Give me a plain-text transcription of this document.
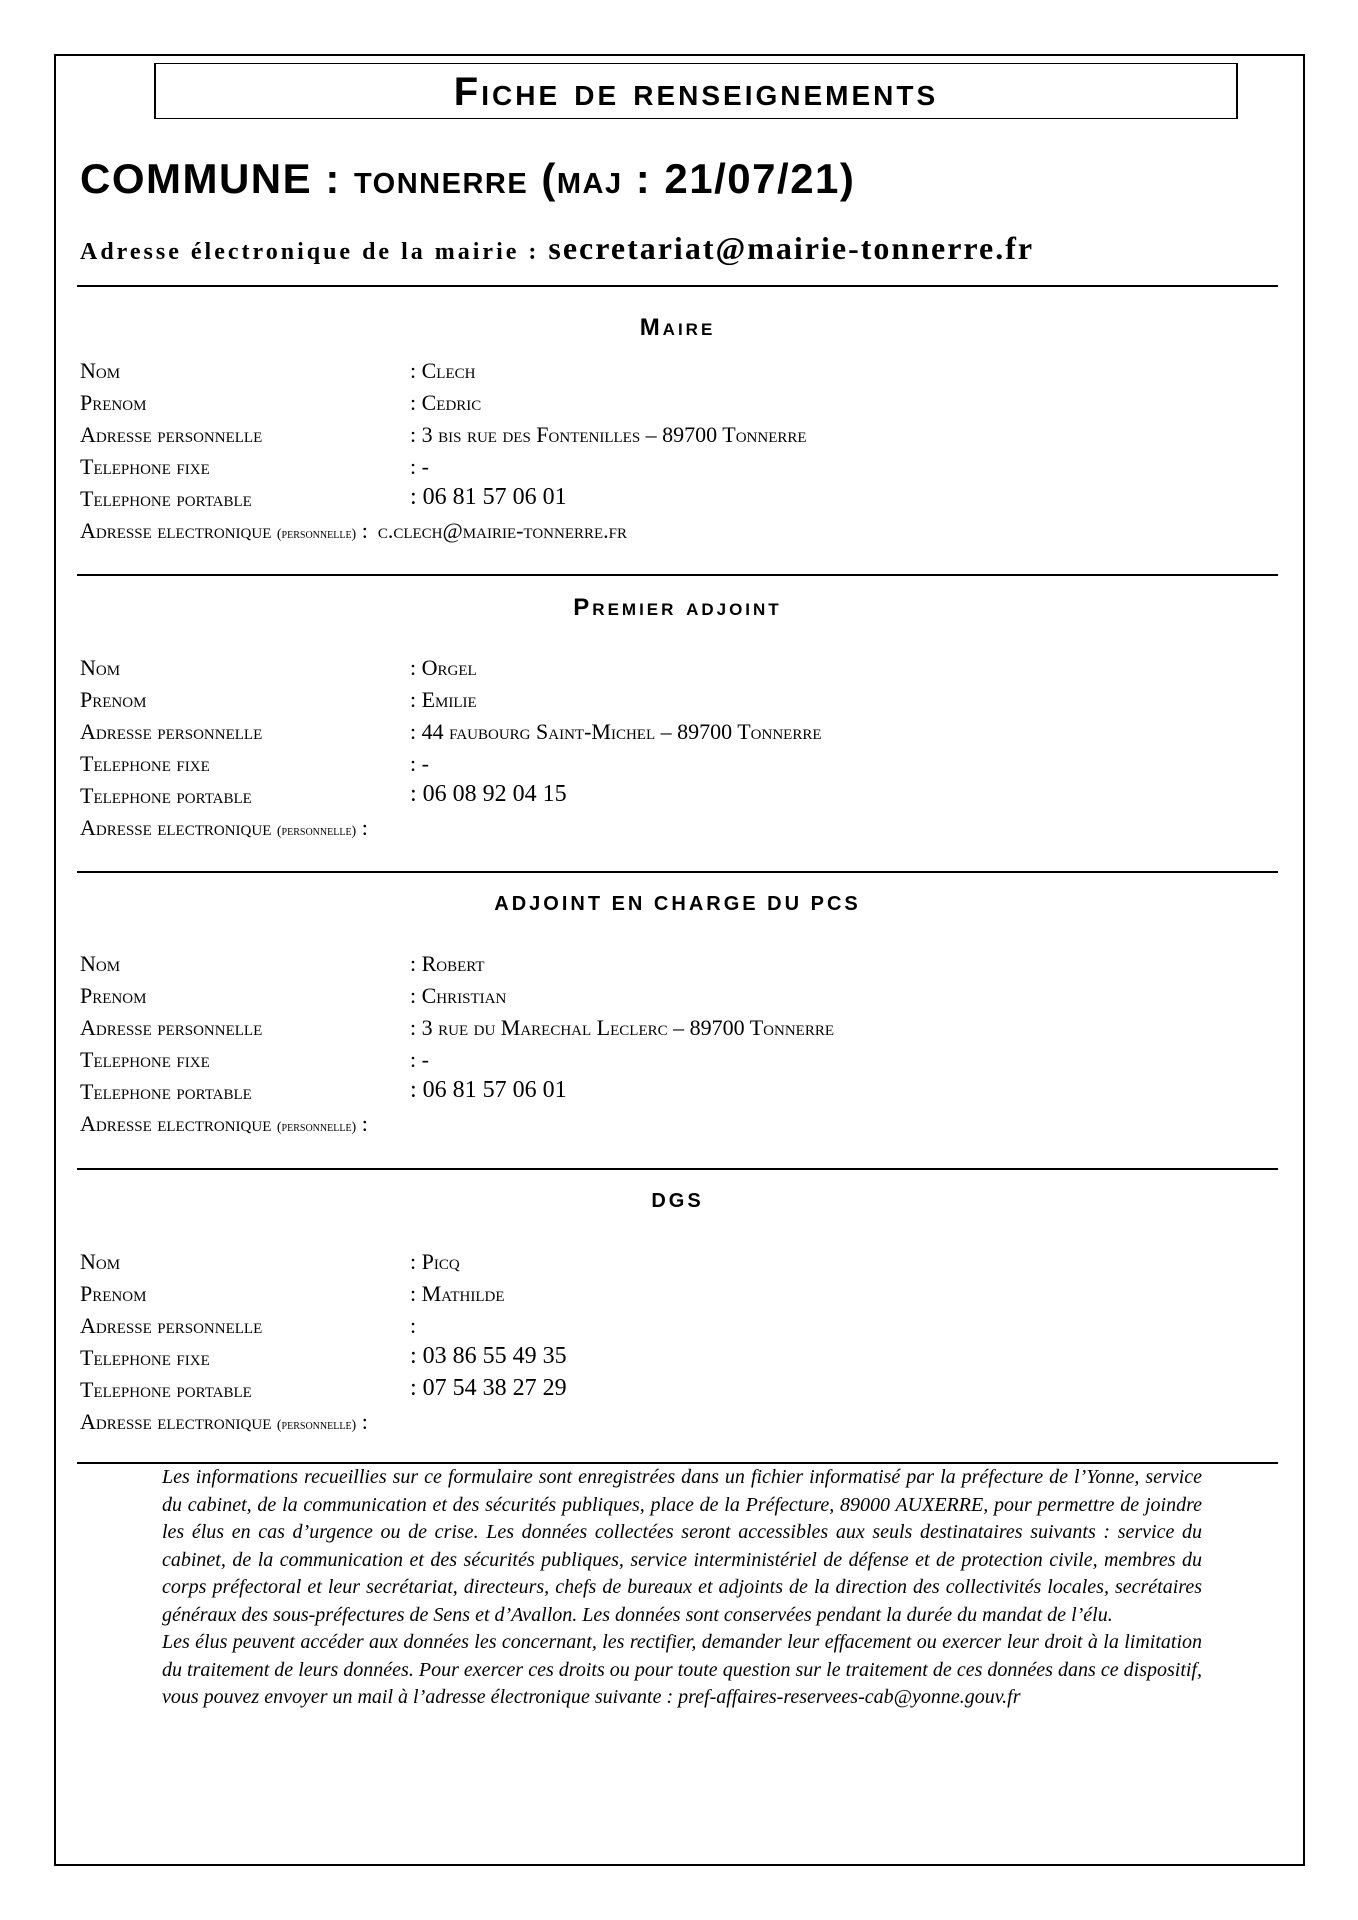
Fiche de renseignements
COMMUNE : tonnerre (maj : 21/07/21)
Adresse électronique de la mairie : secretariat@mairie-tonnerre.fr
Maire
Nom	: Clech
Prenom	: Cedric
Adresse personnelle	: 3 bis rue des Fontenilles – 89700 Tonnerre
Telephone fixe	: -
Telephone portable	: 06 81 57 06 01
Adresse electronique (personnelle) : c.clech@mairie-tonnerre.fr
Premier adjoint
Nom	: Orgel
Prenom	: Emilie
Adresse personnelle	: 44 faubourg Saint-Michel – 89700 Tonnerre
Telephone fixe	: -
Telephone portable	: 06 08 92 04 15
Adresse electronique (personnelle) :
ADJOINT EN CHARGE DU PCS
Nom	: Robert
Prenom	: Christian
Adresse personnelle	: 3 rue du Marechal Leclerc – 89700 Tonnerre
Telephone fixe	: -
Telephone portable	: 06 81 57 06 01
Adresse electronique (personnelle) :
DGS
Nom	: Picq
Prenom	: Mathilde
Adresse personnelle	:
Telephone fixe	: 03 86 55 49 35
Telephone portable	: 07 54 38 27 29
Adresse electronique (personnelle) :

Les informations recueillies sur ce formulaire sont enregistrées dans un fichier informatisé par la préfecture de l’Yonne, service du cabinet, de la communication et des sécurités publiques, place de la Préfecture, 89000 AUXERRE, pour permettre de joindre les élus en cas d’urgence ou de crise. Les données collectées seront accessibles aux seuls destinataires suivants : service du cabinet, de la communication et des sécurités publiques, service interministériel de défense et de protection civile, membres du corps préfectoral et leur secrétariat, directeurs, chefs de bureaux et adjoints de la direction des collectivités locales, secrétaires généraux des sous-préfectures de Sens et d’Avallon. Les données sont conservées pendant la durée du mandat de l’élu.

Les élus peuvent accéder aux données les concernant, les rectifier, demander leur effacement ou exercer leur droit à la limitation du traitement de leurs données. Pour exercer ces droits ou pour toute question sur le traitement de ces données dans ce dispositif, vous pouvez envoyer un mail à l’adresse électronique suivante : pref-affaires-reservees-cab@yonne.gouv.fr
